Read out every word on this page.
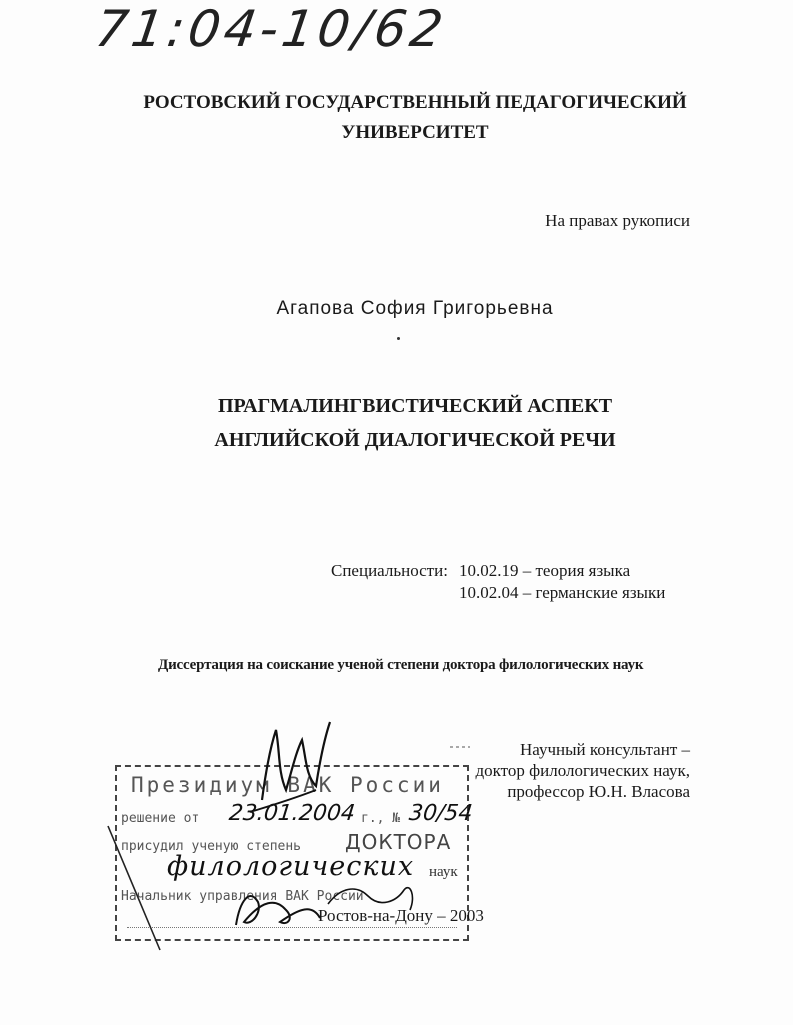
71:04-10/62
РОСТОВСКИЙ ГОСУДАРСТВЕННЫЙ ПЕДАГОГИЧЕСКИЙ
УНИВЕРСИТЕТ
На правах рукописи
Агапова София Григорьевна
ПРАГМАЛИНГВИСТИЧЕСКИЙ АСПЕКТ
АНГЛИЙСКОЙ ДИАЛОГИЧЕСКОЙ РЕЧИ
Специальности: 10.02.19 – теория языка
10.02.04 – германские языки
Диссертация на соискание ученой степени доктора филологических наук
Научный консультант –
доктор филологических наук,
профессор Ю.Н. Власова
Президиум ВАК России
решение от 23.01.2004 г., № 30/54
присудил ученую степень ДОКТОРА
филологических наук
Начальник управления ВАК России
Ростов-на-Дону – 2003
